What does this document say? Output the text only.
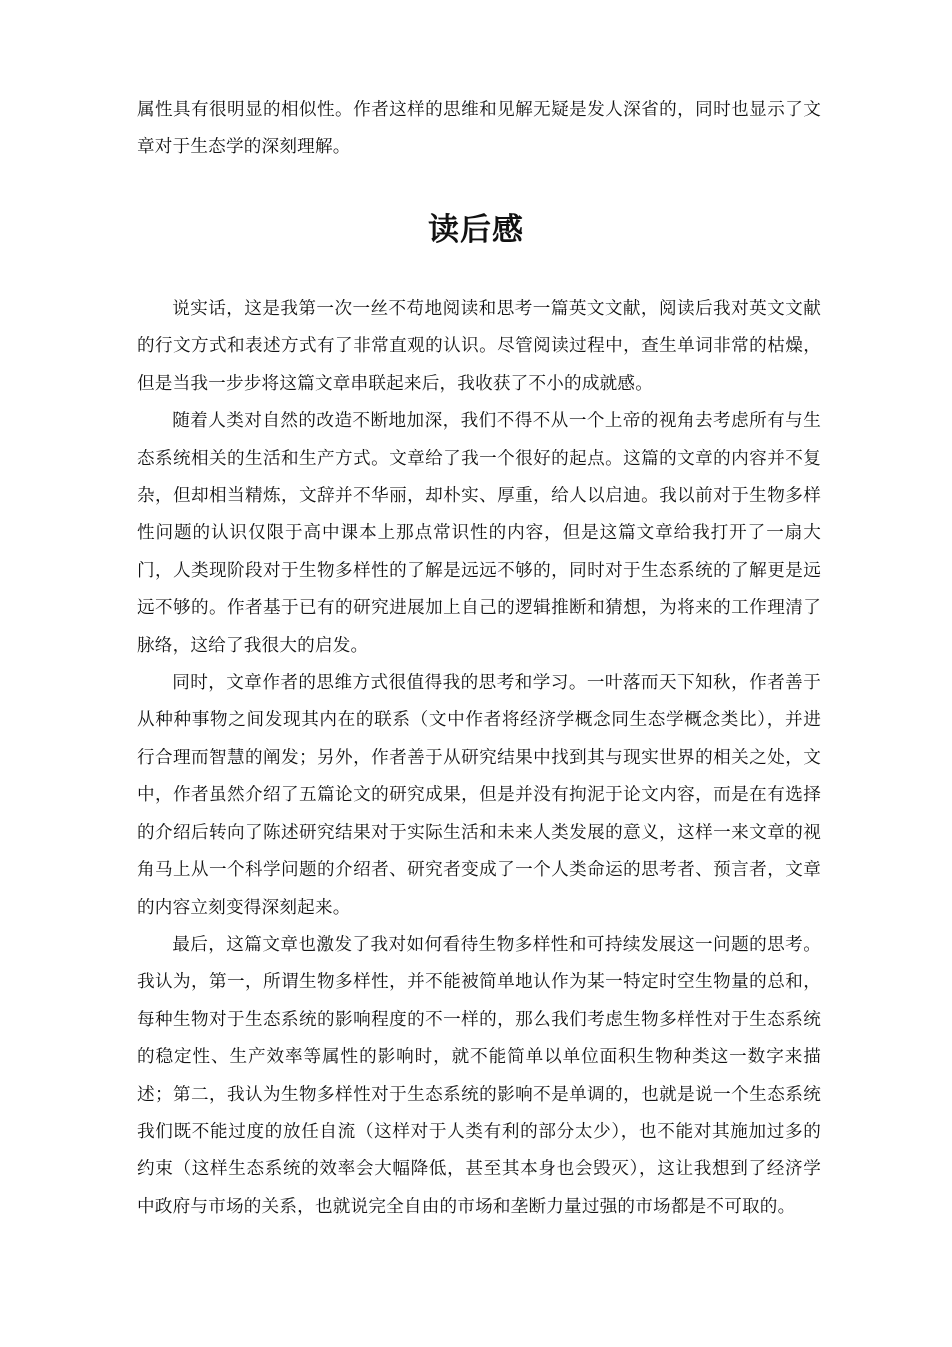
属性具有很明显的相似性。作者这样的思维和见解无疑是发人深省的，同时也显示了文章对于生态学的深刻理解。

读后感

说实话，这是我第一次一丝不苟地阅读和思考一篇英文文献，阅读后我对英文文献的行文方式和表述方式有了非常直观的认识。尽管阅读过程中，查生单词非常的枯燥，但是当我一步步将这篇文章串联起来后，我收获了不小的成就感。

随着人类对自然的改造不断地加深，我们不得不从一个上帝的视角去考虑所有与生态系统相关的生活和生产方式。文章给了我一个很好的起点。这篇的文章的内容并不复杂，但却相当精炼，文辞并不华丽，却朴实、厚重，给人以启迪。我以前对于生物多样性问题的认识仅限于高中课本上那点常识性的内容，但是这篇文章给我打开了一扇大门，人类现阶段对于生物多样性的了解是远远不够的，同时对于生态系统的了解更是远远不够的。作者基于已有的研究进展加上自己的逻辑推断和猜想，为将来的工作理清了脉络，这给了我很大的启发。

同时，文章作者的思维方式很值得我的思考和学习。一叶落而天下知秋，作者善于从种种事物之间发现其内在的联系（文中作者将经济学概念同生态学概念类比），并进行合理而智慧的阐发；另外，作者善于从研究结果中找到其与现实世界的相关之处，文中，作者虽然介绍了五篇论文的研究成果，但是并没有拘泥于论文内容，而是在有选择的介绍后转向了陈述研究结果对于实际生活和未来人类发展的意义，这样一来文章的视角马上从一个科学问题的介绍者、研究者变成了一个人类命运的思考者、预言者，文章的内容立刻变得深刻起来。

最后，这篇文章也激发了我对如何看待生物多样性和可持续发展这一问题的思考。我认为，第一，所谓生物多样性，并不能被简单地认作为某一特定时空生物量的总和，每种生物对于生态系统的影响程度的不一样的，那么我们考虑生物多样性对于生态系统的稳定性、生产效率等属性的影响时，就不能简单以单位面积生物种类这一数字来描述；第二，我认为生物多样性对于生态系统的影响不是单调的，也就是说一个生态系统我们既不能过度的放任自流（这样对于人类有利的部分太少），也不能对其施加过多的约束（这样生态系统的效率会大幅降低，甚至其本身也会毁灭），这让我想到了经济学中政府与市场的关系，也就说完全自由的市场和垄断力量过强的市场都是不可取的。
